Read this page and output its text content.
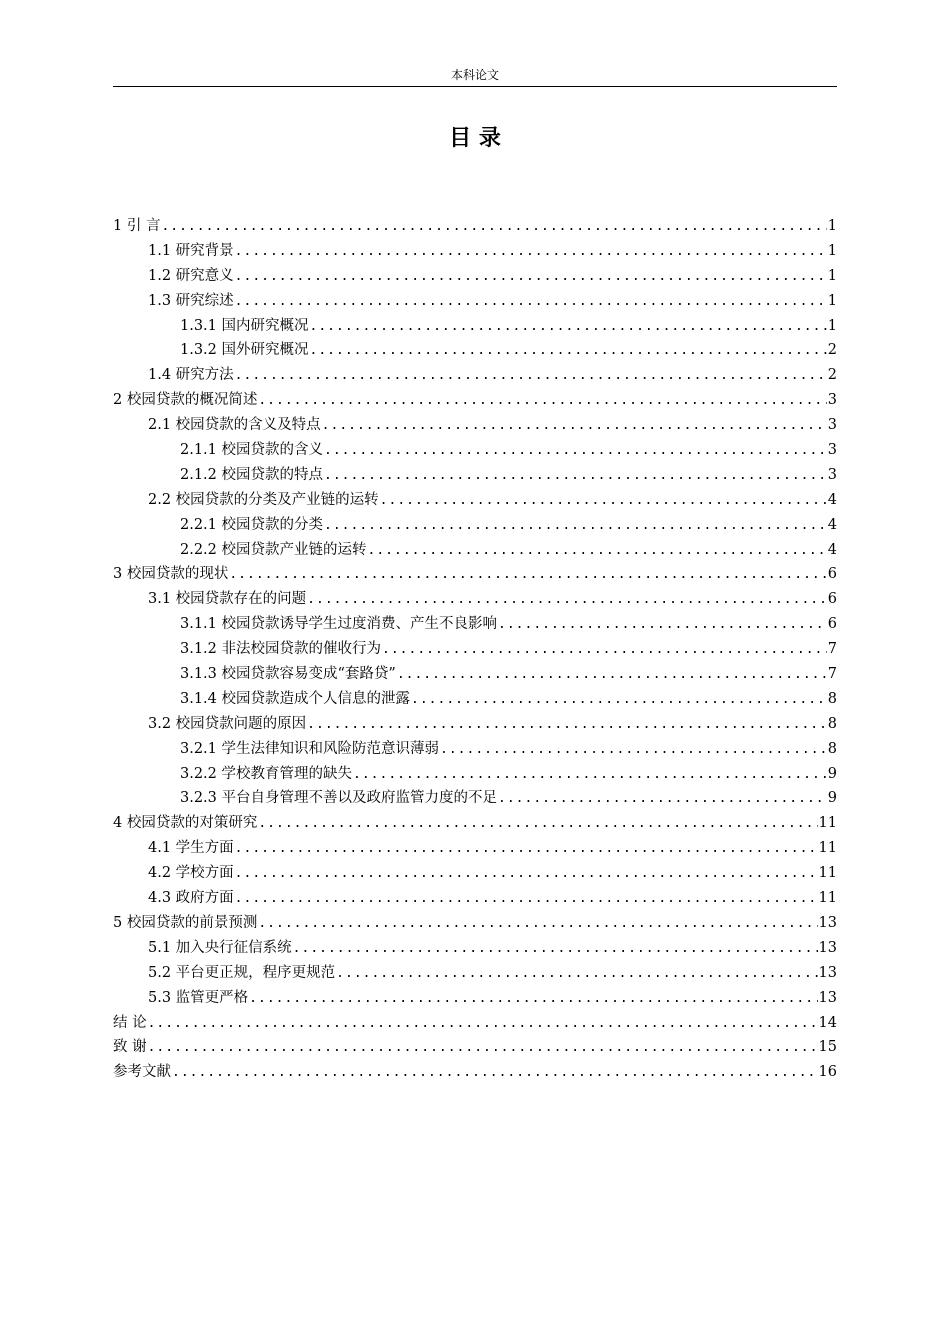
本科论文
目 录
1 引 言 .....	1
1.1 研究背景 .....	1
1.2 研究意义 .....	1
1.3 研究综述 .....	1
1.3.1 国内研究概况 .....	1
1.3.2 国外研究概况 .....	2
1.4 研究方法 .....	2
2 校园贷款的概况简述 .....	3
2.1 校园贷款的含义及特点 .....	3
2.1.1 校园贷款的含义 .....	3
2.1.2 校园贷款的特点 .....	3
2.2 校园贷款的分类及产业链的运转 .....	4
2.2.1 校园贷款的分类 .....	4
2.2.2 校园贷款产业链的运转 .....	4
3 校园贷款的现状 .....	6
3.1 校园贷款存在的问题 .....	6
3.1.1 校园贷款诱导学生过度消费、产生不良影响 .....	6
3.1.2 非法校园贷款的催收行为 .....	7
3.1.3 校园贷款容易变成“套路贷” .....	7
3.1.4 校园贷款造成个人信息的泄露 .....	8
3.2 校园贷款问题的原因 .....	8
3.2.1 学生法律知识和风险防范意识薄弱 .....	8
3.2.2 学校教育管理的缺失 .....	9
3.2.3 平台自身管理不善以及政府监管力度的不足 .....	9
4 校园贷款的对策研究 .....	11
4.1 学生方面 .....	11
4.2 学校方面 .....	11
4.3 政府方面 .....	11
5 校园贷款的前景预测 .....	13
5.1 加入央行征信系统 .....	13
5.2 平台更正规，程序更规范 .....	13
5.3 监管更严格 .....	13
结 论 .....	14
致 谢 .....	15
参考文献 .....	16
